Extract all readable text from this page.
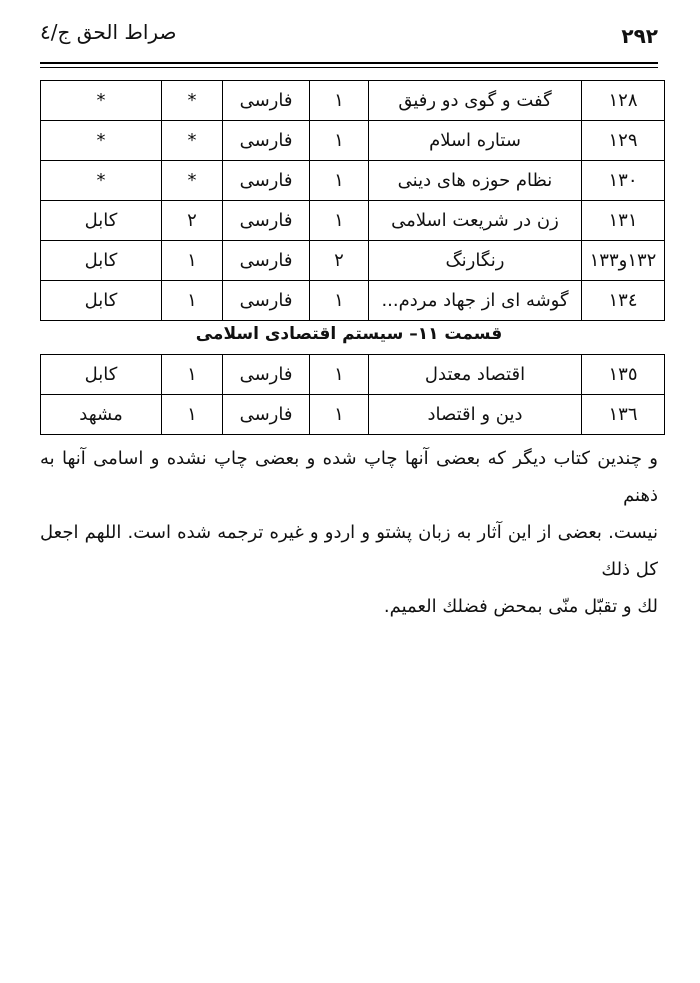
۲۹۲
صراط الحق ج/٤
۱۲۸	گفت و گوی دو رفیق	۱	فارسی	*	*
۱۲۹	ستاره اسلام	۱	فارسی	*	*
۱۳۰	نظام حوزه های دینی	۱	فارسی	*	*
۱۳۱	زن در شریعت اسلامی	۱	فارسی	۲	کابل
۱۳۲و۱۳۳	رنگارنگ	۲	فارسی	۱	کابل
۱۳٤	گوشه ای از جهاد مردم...	۱	فارسی	۱	کابل
قسمت ١١– سيستم اقتصادی اسلامی
۱۳٥	اقتصاد معتدل	۱	فارسی	۱	کابل
۱۳٦	دین و اقتصاد	۱	فارسی	۱	مشهد
و چندین کتاب دیگر که بعضی آنها چاپ شده و بعضی چاپ نشده و اسامی آنها به ذهنم
نیست. بعضی از این آثار به زبان پشتو و اردو و غیره ترجمه شده است. اللهم اجعل کل ذلك
لك و تقبّل منّی بمحض فضلك العمیم.
